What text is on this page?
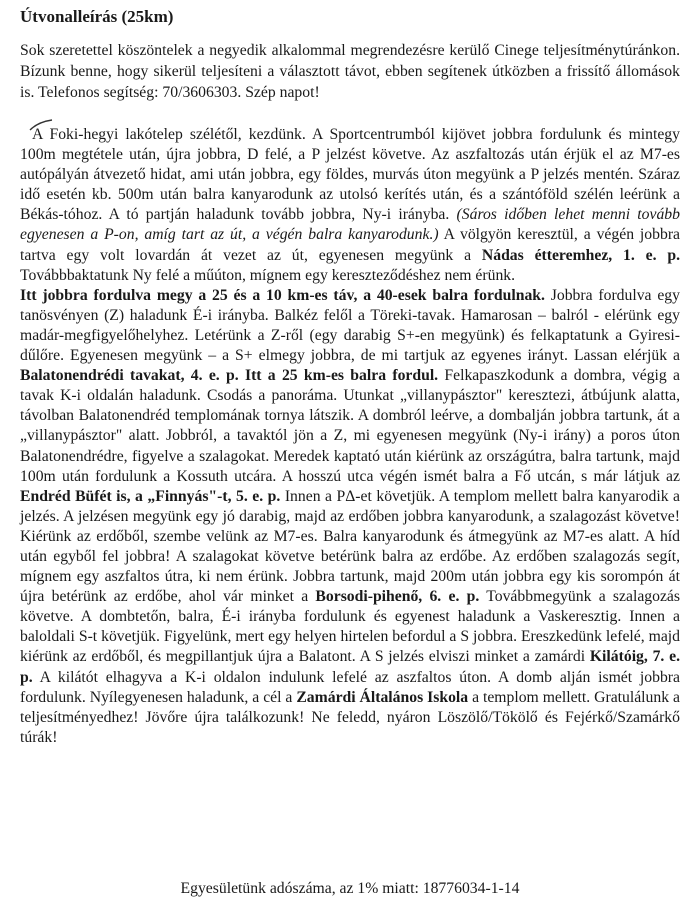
Útvonalleírás (25km)

Sok szeretettel köszöntelek a negyedik alkalommal megrendezésre kerülő Cinege teljesítménytúránkon. Bízunk benne, hogy sikerül teljesíteni a választott távot, ebben segítenek útközben a frissítő állomások is. Telefonos segítség: 70/3606303. Szép napot!

A Foki-hegyi lakótelep szélétől, kezdünk. A Sportcentrumból kijövet jobbra fordulunk és mintegy 100m megtétele után, újra jobbra, D felé, a P jelzést követve. Az aszfaltozás után érjük el az M7-es autópályán átvezető hidat, ami után jobbra, egy földes, murvás úton megyünk a P jelzés mentén. Száraz idő esetén kb. 500m után balra kanyarodunk az utolsó kerítés után, és a szántóföld szélén leérünk a Békás-tóhoz. A tó partján haladunk tovább jobbra, Ny-i irányba. (Sáros időben lehet menni tovább egyenesen a P-on, amíg tart az út, a végén balra kanyarodunk.) A völgyön keresztül, a végén jobbra tartva egy volt lovardán át vezet az út, egyenesen megyünk a Nádas étteremhez, 1. e. p. Továbbbaktatunk Ny felé a műúton, mígnem egy kereszteződéshez nem érünk.

Itt jobbra fordulva megy a 25 és a 10 km-es táv, a 40-esek balra fordulnak. Jobbra fordulva egy tanösvényen (Z) haladunk É-i irányba. Balkéz felől a Töreki-tavak. Hamarosan – balról - elérünk egy madár-megfigyelőhelyhez. Letérünk a Z-ről (egy darabig S+-en megyünk) és felkaptatunk a Gyiresi-dűlőre. Egyenesen megyünk – a S+ elmegy jobbra, de mi tartjuk az egyenes irányt. Lassan elérjük a Balatonendrédi tavakat, 4. e. p. Itt a 25 km-es balra fordul. Felkapaszkodunk a dombra, végig a tavak K-i oldalán haladunk. Csodás a panoráma. Utunkat „villanypásztor" keresztezi, átbújunk alatta, távolban Balatonendréd templomának tornya látszik. A dombról leérve, a dombalján jobbra tartunk, át a „villanypásztor" alatt. Jobbról, a tavaktól jön a Z, mi egyenesen megyünk (Ny-i irány) a poros úton Balatonendrédre, figyelve a szalagokat. Meredek kaptató után kiérünk az országútra, balra tartunk, majd 100m után fordulunk a Kossuth utcára. A hosszú utca végén ismét balra a Fő utcán, s már látjuk az Endréd Büfét is, a „Finnyás"-t, 5. e. p. Innen a PΔ-et követjük. A templom mellett balra kanyarodik a jelzés. A jelzésen megyünk egy jó darabig, majd az erdőben jobbra kanyarodunk, a szalagozást követve! Kiérünk az erdőből, szembe velünk az M7-es. Balra kanyarodunk és átmegyünk az M7-es alatt. A híd után egyből fel jobbra! A szalagokat követve betérünk balra az erdőbe. Az erdőben szalagozás segít, mígnem egy aszfaltos útra, ki nem érünk. Jobbra tartunk, majd 200m után jobbra egy kis sorompón át újra betérünk az erdőbe, ahol vár minket a Borsodi-pihenő, 6. e. p. Továbbmegyünk a szalagozás követve. A dombtetőn, balra, É-i irányba fordulunk és egyenest haladunk a Vaskeresztig. Innen a baloldali S-t követjük. Figyelünk, mert egy helyen hirtelen befordul a S jobbra. Ereszkedünk lefelé, majd kiérünk az erdőből, és megpillantjuk újra a Balatont. A S jelzés elviszi minket a zamárdi Kilátóig, 7. e. p. A kilátót elhagyva a K-i oldalon indulunk lefelé az aszfaltos úton. A domb alján ismét jobbra fordulunk. Nyílegyenesen haladunk, a cél a Zamárdi Általános Iskola a templom mellett. Gratulálunk a teljesítményedhez! Jövőre újra találkozunk! Ne feledd, nyáron Löszölő/Tökölő és Fejérkő/Szamárkő túrák!

Egyesületünk adószáma, az 1% miatt: 18776034-1-14
